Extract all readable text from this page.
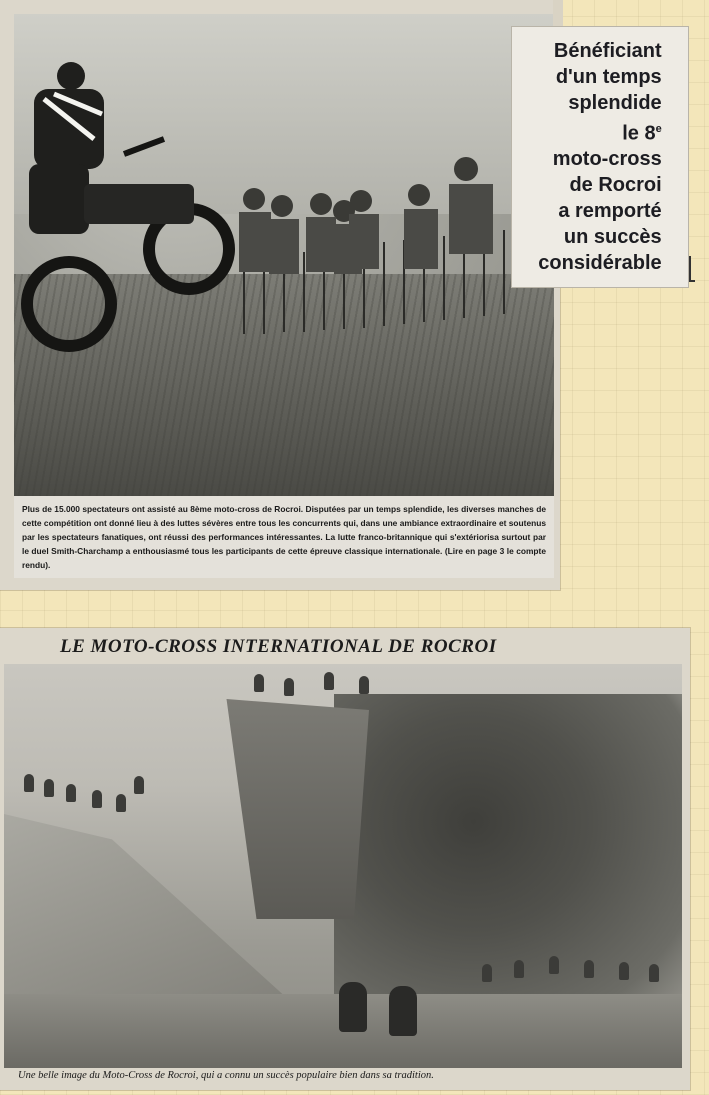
Plus de 15.000 spectateurs ont assisté au 8ème moto-cross de Rocroi. Disputées par un temps splendide, les diverses manches de cette compétition ont donné lieu à des luttes sévères entre tous les concurrents qui, dans une ambiance extraordinaire et soutenus par les spectateurs fanatiques, ont réussi des performances intéressantes. La lutte franco-britannique qui s'extériorisa surtout par le duel Smith-Charchamp a enthousiasmé tous les participants de cette épreuve classique internationale. (Lire en page 3 le compte rendu).

Bénéficiant
d'un temps
splendide
le 8e
moto-cross
de Rocroi
a remporté
un succès
considérable
LE MOTO-CROSS INTERNATIONAL DE ROCROI
Une belle image du Moto-Cross de Rocroi, qui a connu un succès populaire bien dans sa tradition.
